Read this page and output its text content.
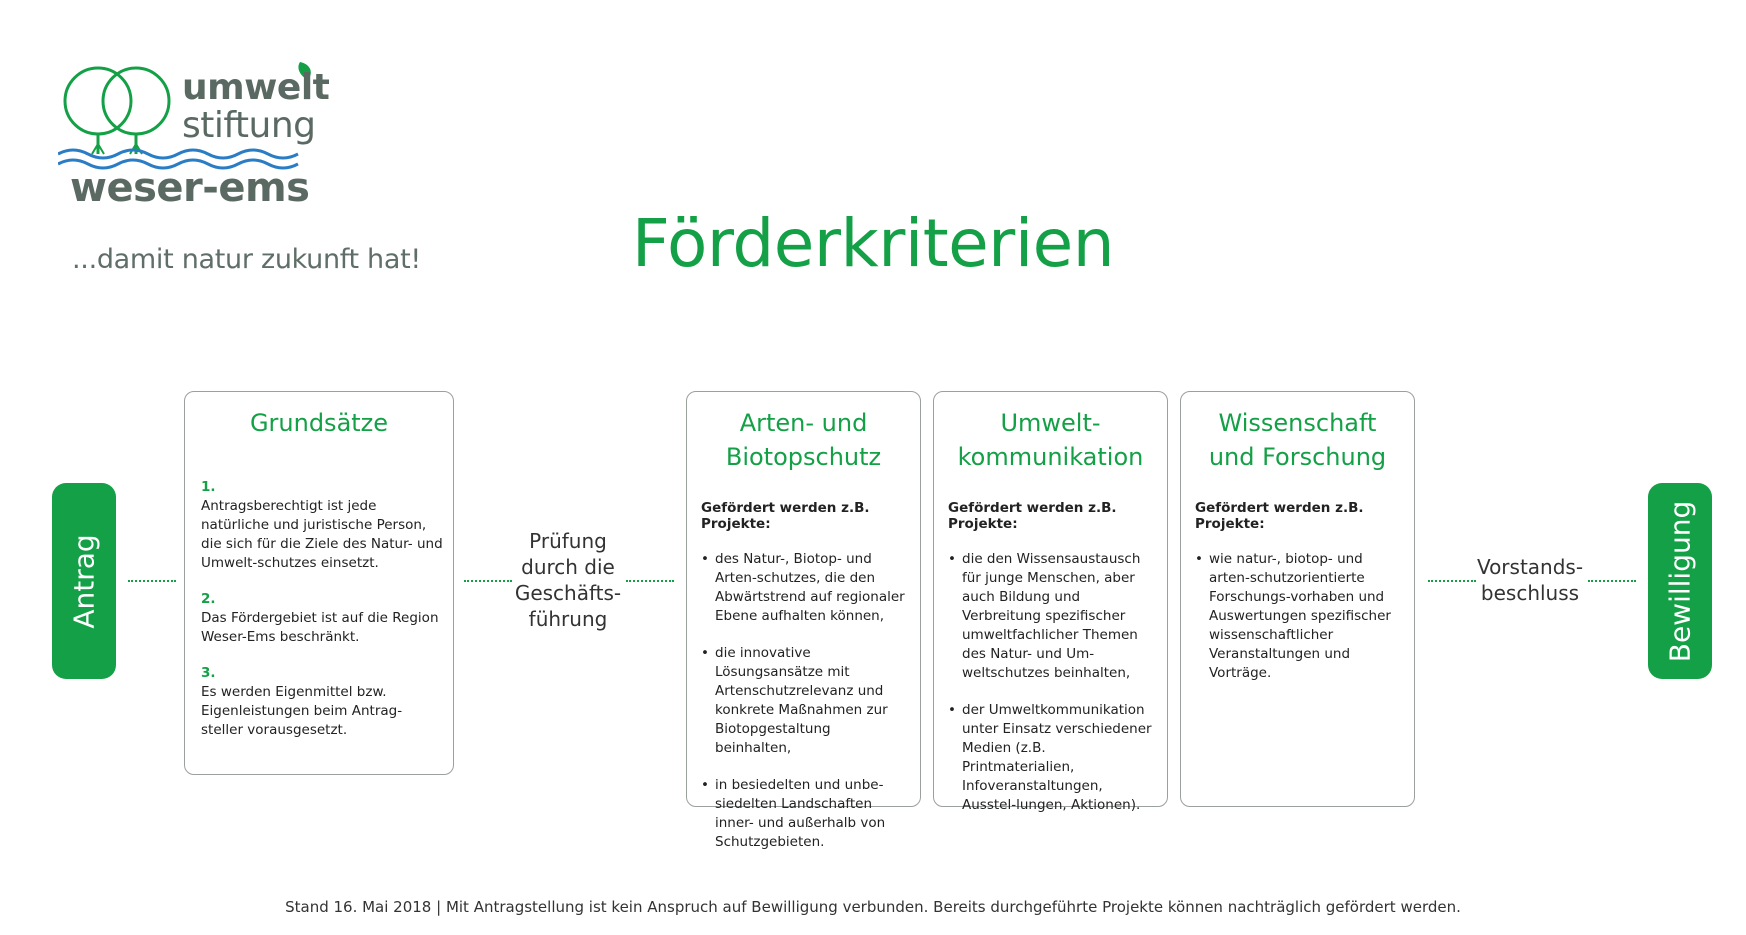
umwelt
stiftung
weser-ems
...damit natur zukunft hat!	Förderkriterien
Antrag
Grundsätze
1.
Antragsberechtigt ist jede natürliche und juristische Person, die sich für die Ziele des Natur- und Umwelt-schutzes einsetzt.
2.
Das Fördergebiet ist auf die Region Weser-Ems beschränkt.
3.
Es werden Eigenmittel bzw. Eigenleistungen beim Antrag-steller vorausgesetzt.
Prüfung
durch die
Geschäfts-
führung
Arten- und
Biotopschutz
Gefördert werden z.B. Projekte:
• des Natur-, Biotop- und Arten-schutzes, die den Abwärtstrend auf regionaler Ebene aufhalten können,
• die innovative Lösungsansätze mit Artenschutzrelevanz und konkrete Maßnahmen zur Biotopgestaltung beinhalten,
• in besiedelten und unbe-siedelten Landschaften inner- und außerhalb von Schutzgebieten.
Umwelt-
kommunikation
Gefördert werden z.B. Projekte:
• die den Wissensaustausch für junge Menschen, aber auch Bildung und Verbreitung spezifischer umweltfachlicher Themen des Natur- und Um-weltschutzes beinhalten,
• der Umweltkommunikation unter Einsatz verschiedener Medien (z.B. Printmaterialien, Infoveranstaltungen, Ausstel-lungen, Aktionen).
Wissenschaft
und Forschung
Gefördert werden z.B. Projekte:
• wie natur-, biotop- und arten-schutzorientierte Forschungs-vorhaben und Auswertungen spezifischer wissenschaftlicher Veranstaltungen und Vorträge.
Vorstands-
beschluss	Bewilligung
Stand 16. Mai 2018 | Mit Antragstellung ist kein Anspruch auf Bewilligung verbunden. Bereits durchgeführte Projekte können nachträglich gefördert werden.
